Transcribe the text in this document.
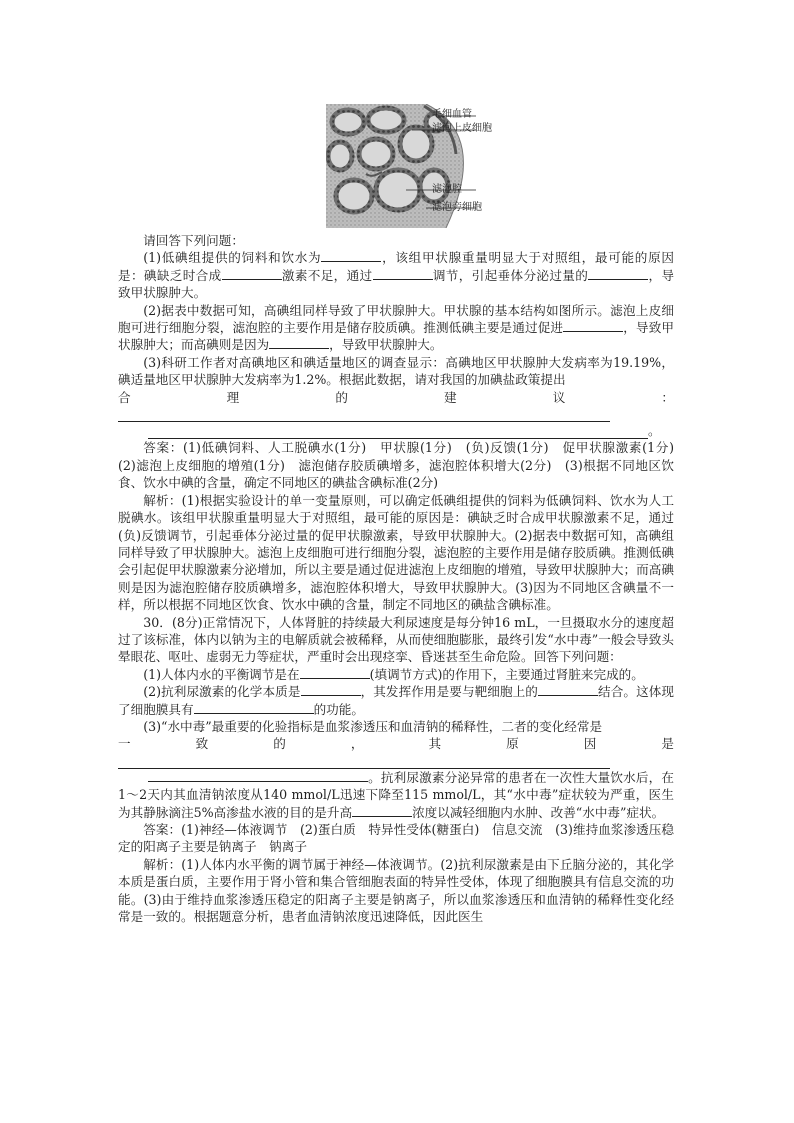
毛细血管
滤泡上皮细胞
滤泡腔
滤泡旁细胞

请回答下列问题：

(1)低碘组提供的饲料和饮水为	，该组甲状腺重量明显大于对照组，最可能的原因是：碘缺乏时合成	激素不足，通过	调节，引起垂体分泌过量的	，导致甲状腺肿大。

(2)据表中数据可知，高碘组同样导致了甲状腺肿大。甲状腺的基本结构如图所示。滤泡上皮细胞可进行细胞分裂，滤泡腔的主要作用是储存胶质碘。推测低碘主要是通过促进	，导致甲状腺肿大；而高碘则是因为	，导致甲状腺肿大。

(3)科研工作者对高碘地区和碘适量地区的调查显示：高碘地区甲状腺肿大发病率为19.19%，碘适量地区甲状腺肿大发病率为1.2%。根据此数据，请对我国的加碘盐政策提出

合	理	的	建	议	：
。

答案：(1)低碘饲料、人工脱碘水(1分)　甲状腺(1分)　(负)反馈(1分)　促甲状腺激素(1分)　(2)滤泡上皮细胞的增殖(1分)　滤泡储存胶质碘增多，滤泡腔体积增大(2分)　(3)根据不同地区饮食、饮水中碘的含量，确定不同地区的碘盐含碘标准(2分)

解析：(1)根据实验设计的单一变量原则，可以确定低碘组提供的饲料为低碘饲料、饮水为人工脱碘水。该组甲状腺重量明显大于对照组，最可能的原因是：碘缺乏时合成甲状腺激素不足，通过(负)反馈调节，引起垂体分泌过量的促甲状腺激素，导致甲状腺肿大。(2)据表中数据可知，高碘组同样导致了甲状腺肿大。滤泡上皮细胞可进行细胞分裂，滤泡腔的主要作用是储存胶质碘。推测低碘会引起促甲状腺激素分泌增加，所以主要是通过促进滤泡上皮细胞的增殖，导致甲状腺肿大；而高碘则是因为滤泡腔储存胶质碘增多，滤泡腔体积增大，导致甲状腺肿大。(3)因为不同地区含碘量不一样，所以根据不同地区饮食、饮水中碘的含量，制定不同地区的碘盐含碘标准。

30．(8分)正常情况下，人体肾脏的持续最大利尿速度是每分钟16 mL，一旦摄取水分的速度超过了该标准，体内以钠为主的电解质就会被稀释，从而使细胞膨胀，最终引发“水中毒”一般会导致头晕眼花、呕吐、虚弱无力等症状，严重时会出现痉挛、昏迷甚至生命危险。回答下列问题：

(1)人体内水的平衡调节是在	(填调节方式)的作用下，主要通过肾脏来完成的。

(2)抗利尿激素的化学本质是	，其发挥作用是要与靶细胞上的	结合。这体现了细胞膜具有	的功能。

(3)“水中毒”最重要的化验指标是血浆渗透压和血清钠的稀释性，二者的变化经常是

一	致	的	，	其	原	因	是

。抗利尿激素分泌异常的患者在一次性大量饮水后，在1～2天内其血清钠浓度从140 mmol/L迅速下降至115 mmol/L，其“水中毒”症状较为严重，医生为其静脉滴注5%高渗盐水液的目的是升高	浓度以减轻细胞内水肿、改善“水中毒”症状。

答案：(1)神经—体液调节　(2)蛋白质　特异性受体(糖蛋白)　信息交流　(3)维持血浆渗透压稳定的阳离子主要是钠离子　钠离子

解析：(1)人体内水平衡的调节属于神经—体液调节。(2)抗利尿激素是由下丘脑分泌的，其化学本质是蛋白质，主要作用于肾小管和集合管细胞表面的特异性受体，体现了细胞膜具有信息交流的功能。(3)由于维持血浆渗透压稳定的阳离子主要是钠离子，所以血浆渗透压和血清钠的稀释性变化经常是一致的。根据题意分析，患者血清钠浓度迅速降低，因此医生
